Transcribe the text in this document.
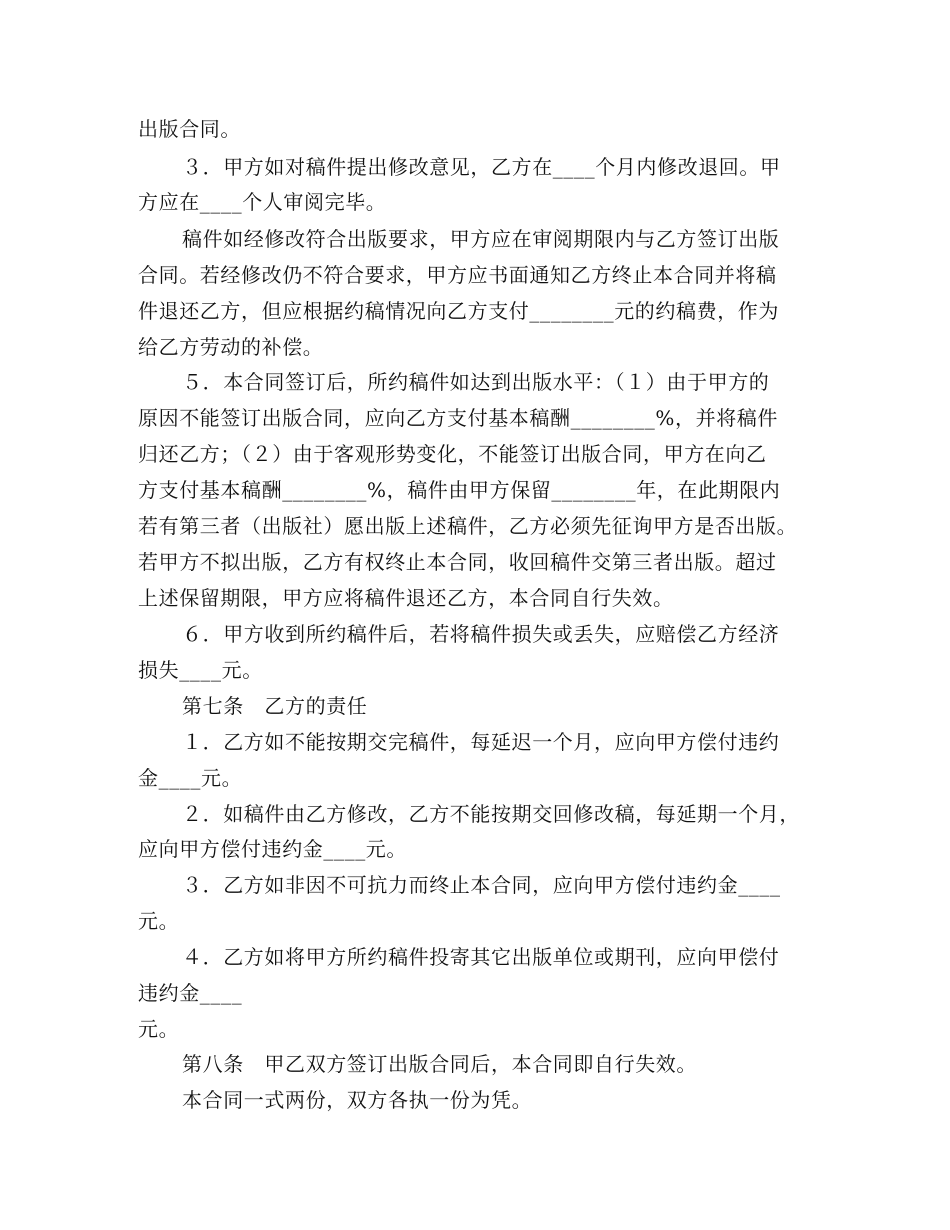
出版合同。
３．甲方如对稿件提出修改意见，乙方在____个月内修改退回。甲
方应在____个人审阅完毕。
稿件如经修改符合出版要求，甲方应在审阅期限内与乙方签订出版
合同。若经修改仍不符合要求，甲方应书面通知乙方终止本合同并将稿
件退还乙方，但应根据约稿情况向乙方支付________元的约稿费，作为
给乙方劳动的补偿。
５．本合同签订后，所约稿件如达到出版水平：（１）由于甲方的
原因不能签订出版合同，应向乙方支付基本稿酬________%，并将稿件
归还乙方；（２）由于客观形势变化，不能签订出版合同，甲方在向乙
方支付基本稿酬________%，稿件由甲方保留________年，在此期限内
若有第三者（出版社）愿出版上述稿件，乙方必须先征询甲方是否出版。
若甲方不拟出版，乙方有权终止本合同，收回稿件交第三者出版。超过
上述保留期限，甲方应将稿件退还乙方，本合同自行失效。
６．甲方收到所约稿件后，若将稿件损失或丢失，应赔偿乙方经济
损失____元。
第七条　乙方的责任
１．乙方如不能按期交完稿件，每延迟一个月，应向甲方偿付违约
金____元。
２．如稿件由乙方修改，乙方不能按期交回修改稿，每延期一个月，
应向甲方偿付违约金____元。
３．乙方如非因不可抗力而终止本合同，应向甲方偿付违约金____
元。
４．乙方如将甲方所约稿件投寄其它出版单位或期刊，应向甲偿付
违约金____
元。
第八条　甲乙双方签订出版合同后，本合同即自行失效。
本合同一式两份，双方各执一份为凭。
